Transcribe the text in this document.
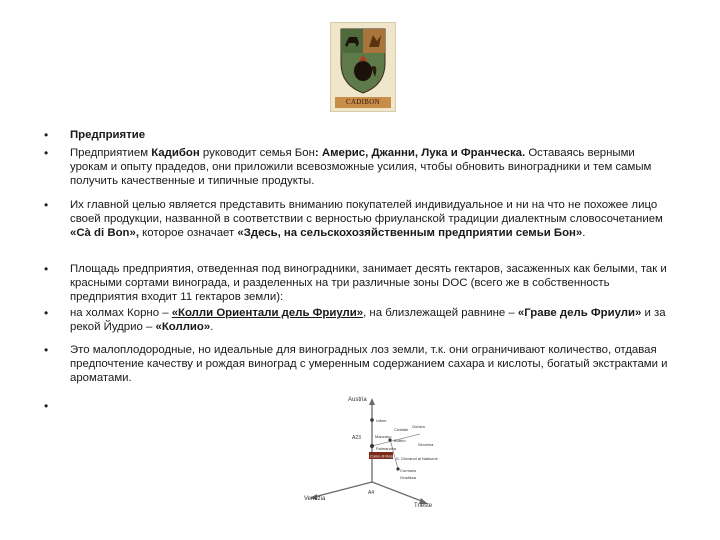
CADIBON
•
•
•
•
•
•
•
Предприятие
Предприятием Кадибон руководит семья Бон: Америс, Джанни, Лука и Франческа. Оставаясь верными урокам и опыту прадедов, они приложили всевозможные усилия, чтобы обновить виноградники и тем самым получить качественные и типичные продукты.
Их главной целью является представить вниманию покупателей индивидуальное и ни на что не похожее лицо своей продукции, названной в соответствии с верностью фриуланской традиции диалектным словосочетанием «Cà di Bon», которое означает «Здесь, на сельскохозяйственным предприятии семьи Бон».
Площадь предприятия, отведенная под виноградники, занимает десять гектаров, засаженных как белыми, так и красными сортами винограда, и разделенных на три различные зоны DOC (всего же в собственность предприятия входит 11 гектаров земли):
на холмах Корно – «Колли Ориентали дель Фриули», на близлежащей равнине – «Граве дель Фриули» и за рекой Йудрио – «Коллио».
Это малоплодородные, но идеальные для виноградных лоз земли, т.к. они ограничивают количество, отдавая предпочтение качеству и рождая виноград с умеренным содержанием сахара и кислоты, богатый экстрактами и ароматами.
Austria
Venezia
Trieste
A23
A4
Udine
Cividale
Gorizia
Manzano
Buttrio
Palmanova
Corno di Rosazzo
S. Giovanni al Natisone
Cormons
Gradisca
Slovenia
